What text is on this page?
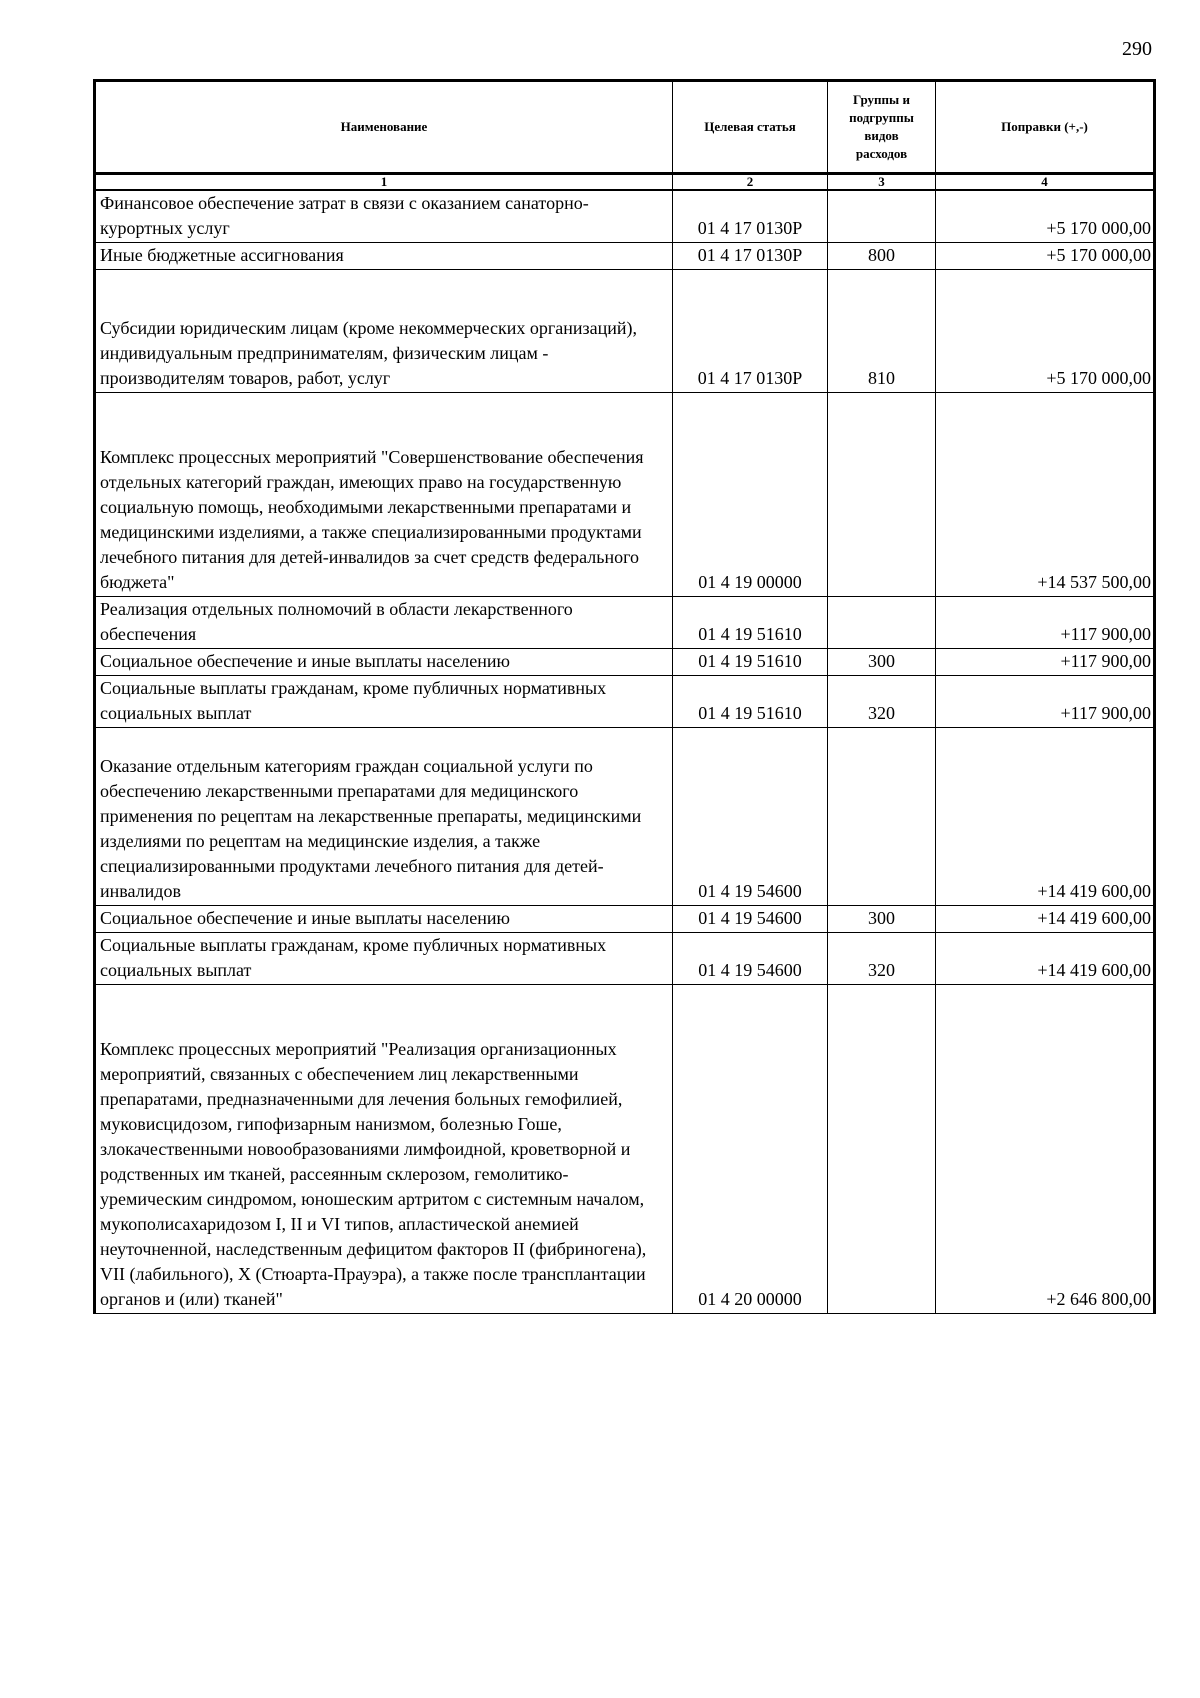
290
Наименование	Целевая статья	Группы и подгруппы видов расходов	Поправки (+,-)
1	2	3	4
Финансовое обеспечение затрат в связи с оказанием санаторно-курортных услуг	01 4 17 0130Р		+5 170 000,00
Иные бюджетные ассигнования	01 4 17 0130Р	800	+5 170 000,00
Субсидии юридическим лицам (кроме некоммерческих организаций), индивидуальным предпринимателям, физическим лицам - производителям товаров, работ, услуг	01 4 17 0130Р	810	+5 170 000,00
Комплекс процессных мероприятий "Совершенствование обеспечения отдельных категорий граждан, имеющих право на государственную социальную помощь, необходимыми лекарственными препаратами и медицинскими изделиями, а также специализированными продуктами лечебного питания для детей-инвалидов за счет средств федерального бюджета"	01 4 19 00000		+14 537 500,00
Реализация отдельных полномочий в области лекарственного обеспечения	01 4 19 51610		+117 900,00
Социальное обеспечение и иные выплаты населению	01 4 19 51610	300	+117 900,00
Социальные выплаты гражданам, кроме публичных нормативных социальных выплат	01 4 19 51610	320	+117 900,00
Оказание отдельным категориям граждан социальной услуги по обеспечению лекарственными препаратами для медицинского применения по рецептам на лекарственные препараты, медицинскими изделиями по рецептам на медицинские изделия, а также специализированными продуктами лечебного питания для детей-инвалидов	01 4 19 54600		+14 419 600,00
Социальное обеспечение и иные выплаты населению	01 4 19 54600	300	+14 419 600,00
Социальные выплаты гражданам, кроме публичных нормативных социальных выплат	01 4 19 54600	320	+14 419 600,00
Комплекс процессных мероприятий "Реализация организационных мероприятий, связанных с обеспечением лиц лекарственными препаратами, предназначенными для лечения больных гемофилией, муковисцидозом, гипофизарным нанизмом, болезнью Гоше, злокачественными новообразованиями лимфоидной, кроветворной и родственных им тканей, рассеянным склерозом, гемолитико-уремическим синдромом, юношеским артритом с системным началом, мукополисахаридозом I, II и VI типов, апластической анемией неуточненной, наследственным дефицитом факторов II (фибриногена), VII (лабильного), X (Стюарта-Прауэра), а также после трансплантации органов и (или) тканей"	01 4 20 00000		+2 646 800,00
